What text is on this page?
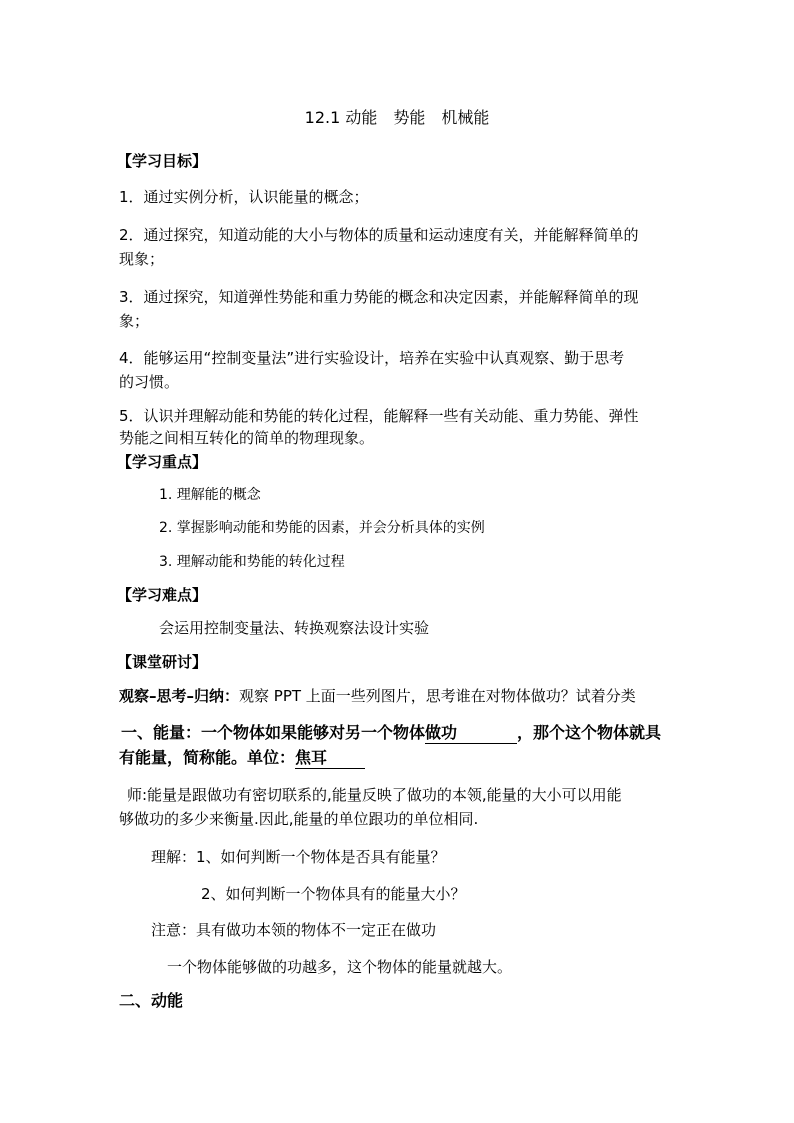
12.1 动能　势能　机械能
【学习目标】
1．通过实例分析，认识能量的概念；
2．通过探究，知道动能的大小与物体的质量和运动速度有关，并能解释简单的
现象；
3．通过探究，知道弹性势能和重力势能的概念和决定因素，并能解释简单的现
象；
4．能够运用“控制变量法”进行实验设计，培养在实验中认真观察、勤于思考
的习惯。
5．认识并理解动能和势能的转化过程，能解释一些有关动能、重力势能、弹性
势能之间相互转化的简单的物理现象。
【学习重点】
1. 理解能的概念
2. 掌握影响动能和势能的因素，并会分析具体的实例
3. 理解动能和势能的转化过程
【学习难点】
会运用控制变量法、转换观察法设计实验
【课堂研讨】
观察–思考–归纳：观察 PPT 上面一些列图片，思考谁在对物体做功？试着分类
一、能量：一个物体如果能够对另一个物体做功	，那个这个物体就具
有能量，简称能。单位：焦耳
师:能量是跟做功有密切联系的,能量反映了做功的本领,能量的大小可以用能
够做功的多少来衡量.因此,能量的单位跟功的单位相同.
理解：1、如何判断一个物体是否具有能量？
2、如何判断一个物体具有的能量大小？
注意：具有做功本领的物体不一定正在做功
一个物体能够做的功越多，这个物体的能量就越大。
二、动能
